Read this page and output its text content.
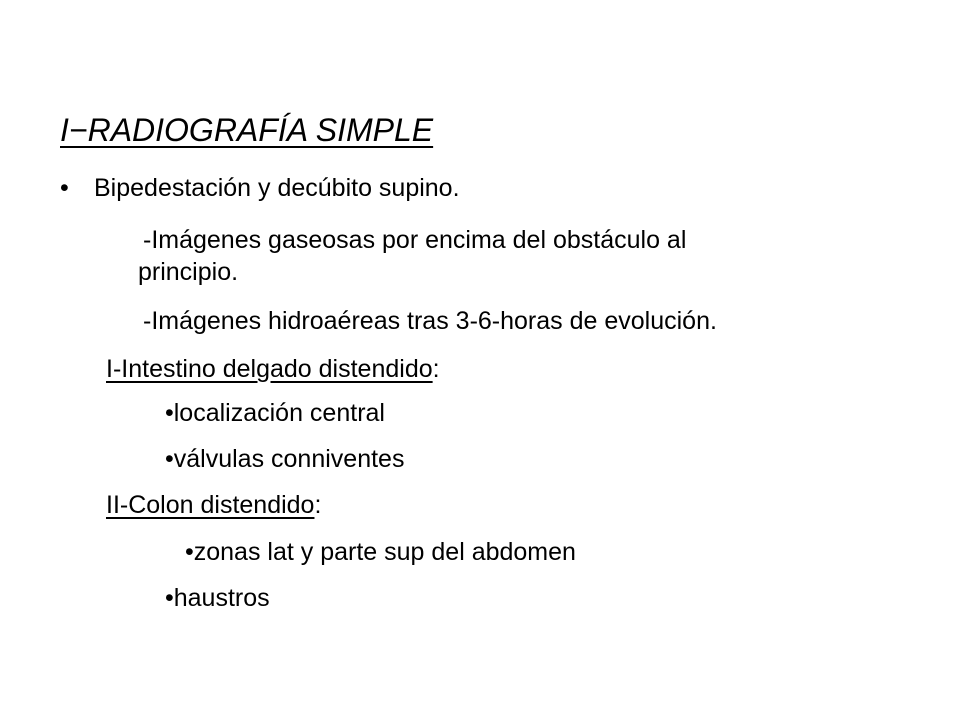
I−RADIOGRAFÍA SIMPLE
• Bipedestación y decúbito supino.
-Imágenes gaseosas por encima del obstáculo al
principio.
-Imágenes hidroaéreas tras 3-6-horas de evolución.
I-Intestino delgado distendido:
•localización central
•válvulas conniventes
II-Colon distendido:
•zonas lat y parte sup del abdomen
•haustros
